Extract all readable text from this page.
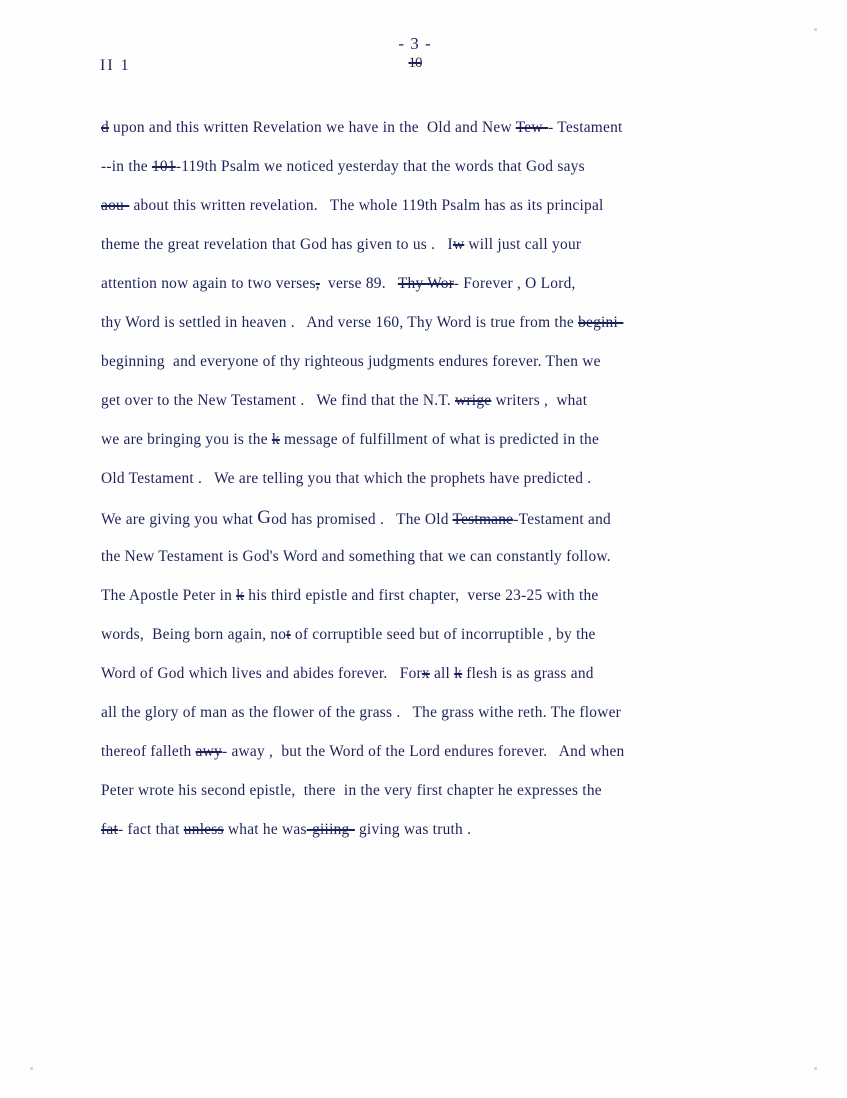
- 3 -
10
II 1
d upon and this written Revelation we have in the  Old and New Tew-- Testament
--in the 101-119th Psalm we noticed yesterday that the words that God says
aou- about this written revelation.   The whole 119th Psalm has as its principal
theme the great revelation that God has given to us .   Iw will just call your
attention now again to two verses,  verse 89.   Thy Wor- Forever , O Lord,
thy Word is settled in heaven .   And verse 160, Thy Word is true from the begini-
beginning  and everyone of thy righteous judgments endures forever. Then we
get over to the New Testament .   We find that the N.T. wrige writers ,  what
we are bringing you is the k message of fulfillment of what is predicted in the
Old Testament .   We are telling you that which the prophets have predicted .
We are giving you what God has promised .   The Old Testmane-Testament and
the New Testament is God's Word and something that we can constantly follow.
The Apostle Peter in k his third epistle and first chapter,  verse 23-25 with the
words,  Being born again, not of corruptible seed but of incorruptible , by the
Word of God which lives and abides forever.   Forx all k flesh is as grass and
all the glory of man as the flower of the grass .   The grass withe reth. The flower
thereof falleth awy- away ,  but the Word of the Lord endures forever.   And when
Peter wrote his second epistle,  there  in the very first chapter he expresses the
fat- fact that unless what he was-giiing- giving was truth .
